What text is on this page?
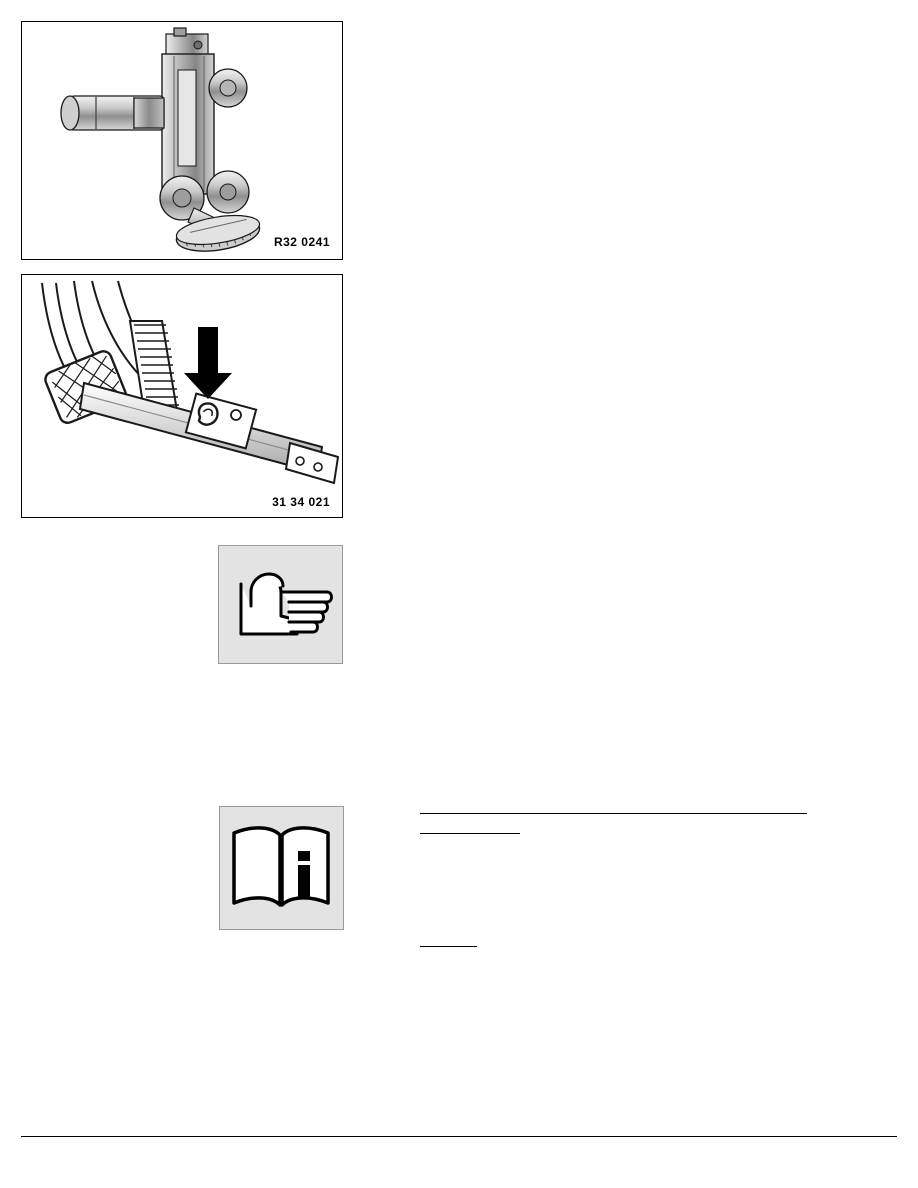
R32 0241
31 34 021
